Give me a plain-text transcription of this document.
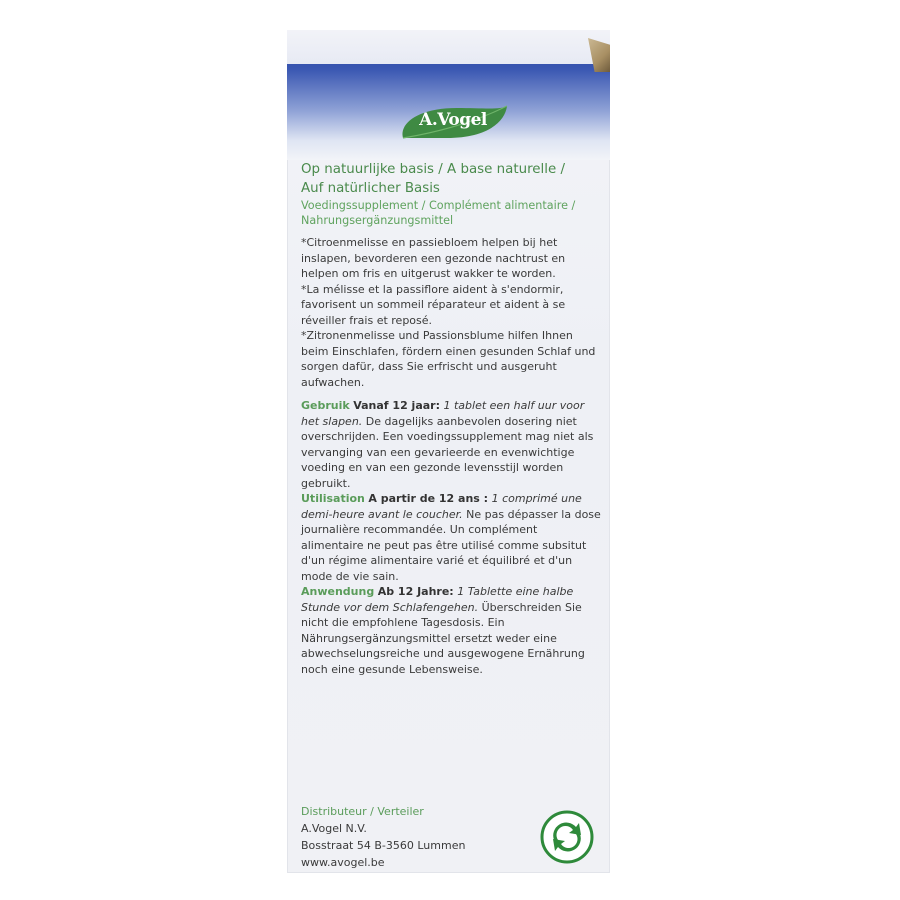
A.Vogel

Op natuurlijke basis / A base naturelle /

Auf natürlicher Basis

Voedingssupplement / Complément alimentaire /
Nahrungsergänzungsmittel

*Citroenmelisse en passiebloem helpen bij het inslapen, bevorderen een gezonde nachtrust en helpen om fris en uitgerust wakker te worden.

*La mélisse et la passiflore aident à s'endormir, favorisent un sommeil réparateur et aident à se réveiller frais et reposé.

*Zitronenmelisse und Passionsblume hilfen Ihnen beim Einschlafen, fördern einen gesunden Schlaf und sorgen dafür, dass Sie erfrischt und ausgeruht aufwachen.

Gebruik Vanaf 12 jaar: 1 tablet een half uur voor het slapen. De dagelijks aanbevolen dosering niet overschrijden. Een voedingssupplement mag niet als vervanging van een gevarieerde en evenwichtige voeding en van een gezonde levensstijl worden gebruikt.

Utilisation A partir de 12 ans : 1 comprimé une demi-heure avant le coucher. Ne pas dépasser la dose journalière recommandée. Un complément alimentaire ne peut pas être utilisé comme subsitut d'un régime alimentaire varié et équilibré et d'un mode de vie sain.

Anwendung Ab 12 Jahre: 1 Tablette eine halbe Stunde vor dem Schlafengehen. Überschreiden Sie nicht die empfohlene Tagesdosis. Ein Nährungsergänzungsmittel ersetzt weder eine abwechselungsreiche und ausgewogene Ernährung noch eine gesunde Lebensweise.

Distributeur / Verteiler
A.Vogel N.V.
Bosstraat 54 B-3560 Lummen
www.avogel.be
